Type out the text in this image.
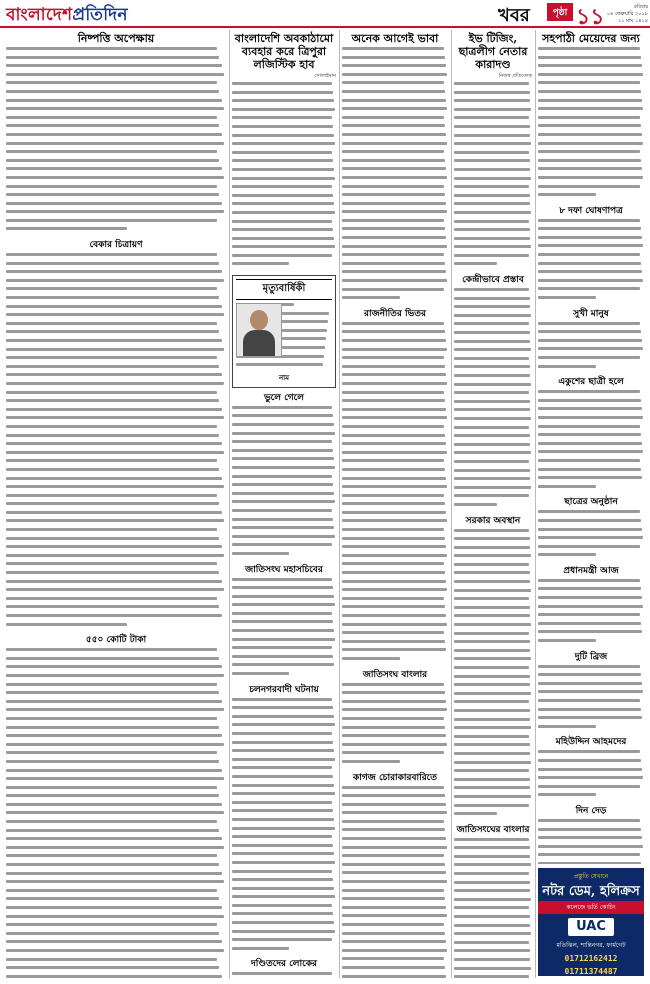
বাংলাদেশপ্রতিদিন	খবর	পৃষ্ঠা ১১	রবিবার
০৪ ফেব্রুয়ারি ২০১৮
২১ মাঘ ১৪২৪
নিষ্পত্তি অপেক্ষায়
বেকার চিত্রায়ণ
৫৫০ কোটি টাকা
বাংলাদেশি অবকাঠামো ব্যবহার করে ত্রিপুরা লজিস্টিক হাব
সোলাইমান
মৃত্যুবার্ষিকী
নাম
ভুলে গেলে
জাতিসংঘ মহাসচিবের
চলনগরবাদী ঘটনায়
দণ্ডিতদের লোকের
অনেক আগেই ভাবা
রাজনীতির ভিতর
জাতিসংঘ বাংলার
কাগজ চোরাকারবারিতে
ইভ টিজিং, ছাত্রলীগ নেতার কারাদণ্ড
নিজস্ব প্রতিবেদক
কেন্দ্রীভাবে প্রস্তাব
সরকার অবস্থান
জাতিসংঘের বাংলার
সহপাঠী মেয়েদের জন্য
৮ দফা ঘোষণাপত্র
সুখী মানুষ
একুশের ছাত্রী হলে
ছাত্রের অনুষ্ঠান
প্রধানমন্ত্রী আজ
দুটি ব্রিজ
মহিউদ্দিন আহমদের
দিন দেড়
প্রস্তুতি যেখানে
নটর ডেম, হলিক্রস
কলেজে ভর্তি কোচিং
UAC
মতিঝিল, শান্তিনগর, ফার্মগেট
01712162412
01711374487
